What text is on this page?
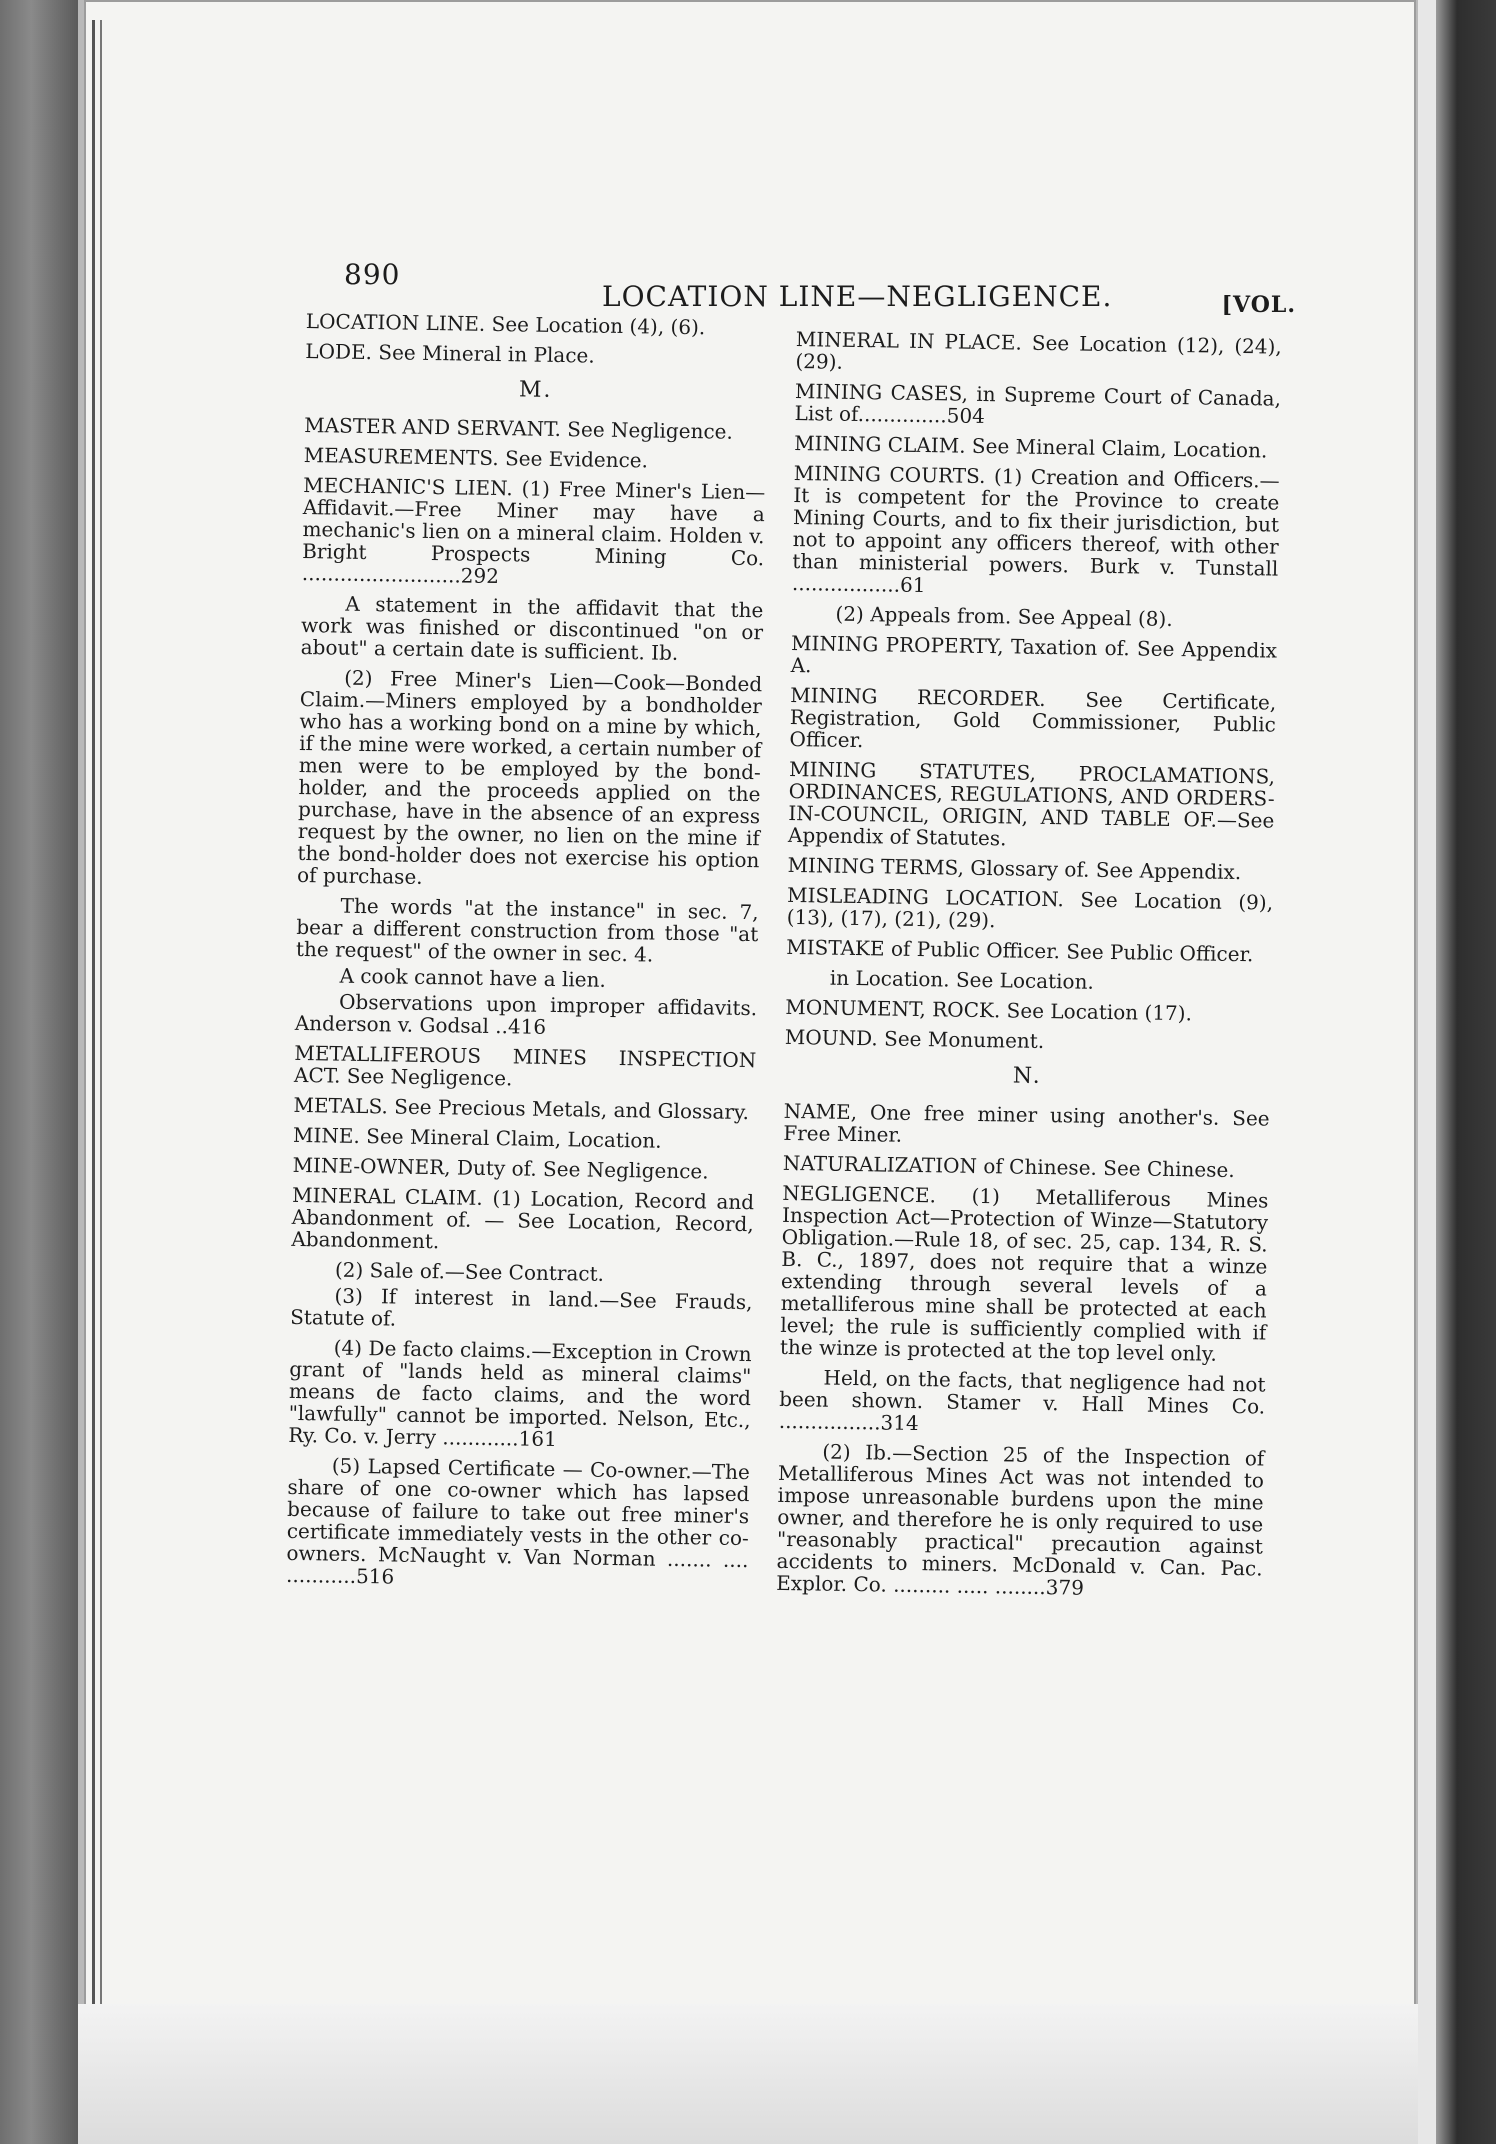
890
LOCATION LINE—NEGLIGENCE.	[VOL.

LOCATION LINE. See Location (4), (6).

LODE. See Mineral in Place.

M.

MASTER AND SERVANT. See Negligence.

MEASUREMENTS. See Evidence.

MECHANIC'S LIEN. (1) Free Miner's Lien—Affidavit.—Free Miner may have a mechanic's lien on a mineral claim. Holden v. Bright Prospects Mining Co. .........................292

A statement in the affidavit that the work was finished or discontinued "on or about" a certain date is sufficient. Ib.

(2) Free Miner's Lien—Cook—Bonded Claim.—Miners employed by a bondholder who has a working bond on a mine by which, if the mine were worked, a certain number of men were to be employed by the bond-holder, and the proceeds applied on the purchase, have in the absence of an express request by the owner, no lien on the mine if the bond-holder does not exercise his option of purchase.

The words "at the instance" in sec. 7, bear a different construction from those "at the request" of the owner in sec. 4.

A cook cannot have a lien.

Observations upon improper affidavits. Anderson v. Godsal ..416

METALLIFEROUS MINES INSPECTION ACT. See Negligence.

METALS. See Precious Metals, and Glossary.

MINE. See Mineral Claim, Location.

MINE-OWNER, Duty of. See Negligence.

MINERAL CLAIM. (1) Location, Record and Abandonment of. — See Location, Record, Abandonment.

(2) Sale of.—See Contract.

(3) If interest in land.—See Frauds, Statute of.

(4) De facto claims.—Exception in Crown grant of "lands held as mineral claims" means de facto claims, and the word "lawfully" cannot be imported. Nelson, Etc., Ry. Co. v. Jerry ............161

(5) Lapsed Certificate — Co-owner.—The share of one co-owner which has lapsed because of failure to take out free miner's certificate immediately vests in the other co-owners. McNaught v. Van Norman ....... .... ...........516

MINERAL IN PLACE. See Location (12), (24), (29).

MINING CASES, in Supreme Court of Canada, List of..............504

MINING CLAIM. See Mineral Claim, Location.

MINING COURTS. (1) Creation and Officers.—It is competent for the Province to create Mining Courts, and to fix their jurisdiction, but not to appoint any officers thereof, with other than ministerial powers. Burk v. Tunstall .................61

(2) Appeals from. See Appeal (8).

MINING PROPERTY, Taxation of. See Appendix A.

MINING RECORDER. See Certificate, Registration, Gold Commissioner, Public Officer.

MINING STATUTES, PROCLAMATIONS, ORDINANCES, REGULATIONS, AND ORDERS-IN-COUNCIL, ORIGIN, AND TABLE OF.—See Appendix of Statutes.

MINING TERMS, Glossary of. See Appendix.

MISLEADING LOCATION. See Location (9), (13), (17), (21), (29).

MISTAKE of Public Officer. See Public Officer.

in Location. See Location.

MONUMENT, ROCK. See Location (17).

MOUND. See Monument.

N.

NAME, One free miner using another's. See Free Miner.

NATURALIZATION of Chinese. See Chinese.

NEGLIGENCE. (1) Metalliferous Mines Inspection Act—Protection of Winze—Statutory Obligation.—Rule 18, of sec. 25, cap. 134, R. S. B. C., 1897, does not require that a winze extending through several levels of a metalliferous mine shall be protected at each level; the rule is sufficiently complied with if the winze is protected at the top level only.

Held, on the facts, that negligence had not been shown. Stamer v. Hall Mines Co. ................314

(2) Ib.—Section 25 of the Inspection of Metalliferous Mines Act was not intended to impose unreasonable burdens upon the mine owner, and therefore he is only required to use "reasonably practical" precaution against accidents to miners. McDonald v. Can. Pac. Explor. Co. ......... ..... ........379
